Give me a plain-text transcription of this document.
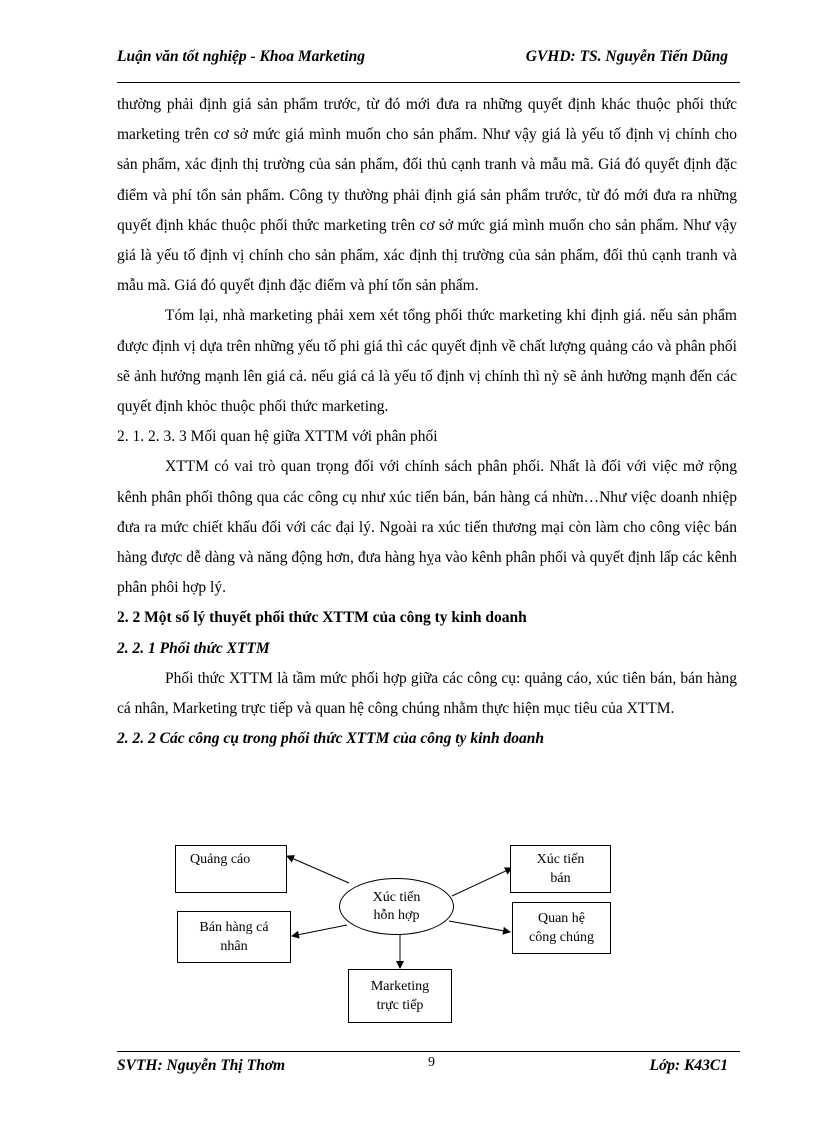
Luận văn tốt nghiệp - Khoa Marketing	GVHD: TS. Nguyễn Tiến Dũng

thường phải định giá sản phẩm trước, từ đó mới đưa ra những quyết định khác thuộc phối thức marketing trên cơ sở mức giá mình muốn cho sản phẩm. Như vậy giá là yếu tố định vị chính cho sản phẩm, xác định thị trường của sản phẩm, đối thủ cạnh tranh và mẫu mã. Giá đó quyết định đặc điểm và phí tổn sản phẩm. Công ty thường phải định giá sản phẩm trước, từ đó mới đưa ra những quyết định khác thuộc phối thức marketing trên cơ sở mức giá mình muốn cho sản phẩm. Như vậy giá là yếu tố định vị chính cho sản phẩm, xác định thị trường của sản phẩm, đối thủ cạnh tranh và mẫu mã. Giá đó quyết định đặc điểm và phí tổn sản phẩm.

Tóm lại, nhà marketing phải xem xét tổng phối thức marketing khi định giá. nếu sản phẩm được định vị dựa trên những yếu tố phi giá thì các quyết định về chất lượng quảng cáo và phân phối sẽ ảnh hưởng mạnh lên giá cả. nếu giá cả là yếu tố định vị chính thì nỳ sẽ ảnh hưởng mạnh đến các quyết định khỏc thuộc phối thức marketing.

2. 1. 2. 3. 3 Mối quan hệ giữa XTTM với phân phối

XTTM có vai trò quan trọng đối với chính sách phân phối. Nhất là đối với việc mở rộng kênh phân phối thông qua các công cụ như xúc tiến bán, bán hàng cá nhừn…Như việc doanh nhiệp đưa ra mức chiết khấu đối với các đại lý. Ngoài ra xúc tiến thương mại còn làm cho công việc bán hàng được dễ dàng và năng động hơn, đưa hàng hỵa vào kênh phân phối và quyết định lấp các kênh phân phôi hợp lý.

2. 2 Một số lý thuyết phối thức XTTM của công ty kinh doanh

2. 2. 1 Phối thức XTTM

Phối thức XTTM là tầm mức phối hợp giữa các công cụ: quảng cáo, xúc tiên bán, bán hàng cá nhân, Marketing trực tiếp và quan hệ công chúng nhằm thực hiện mục tiêu của XTTM.

2. 2. 2 Các công cụ trong phối thức XTTM của công ty kinh doanh

Quảng cáo	Xúc tiến
bán
Xúc tiến
hỗn hợp
Bán hàng cá
nhân
Quan hệ
công chúng
Marketing
trực tiếp
SVTH: Nguyễn Thị Thơm	9	Lớp: K43C1
